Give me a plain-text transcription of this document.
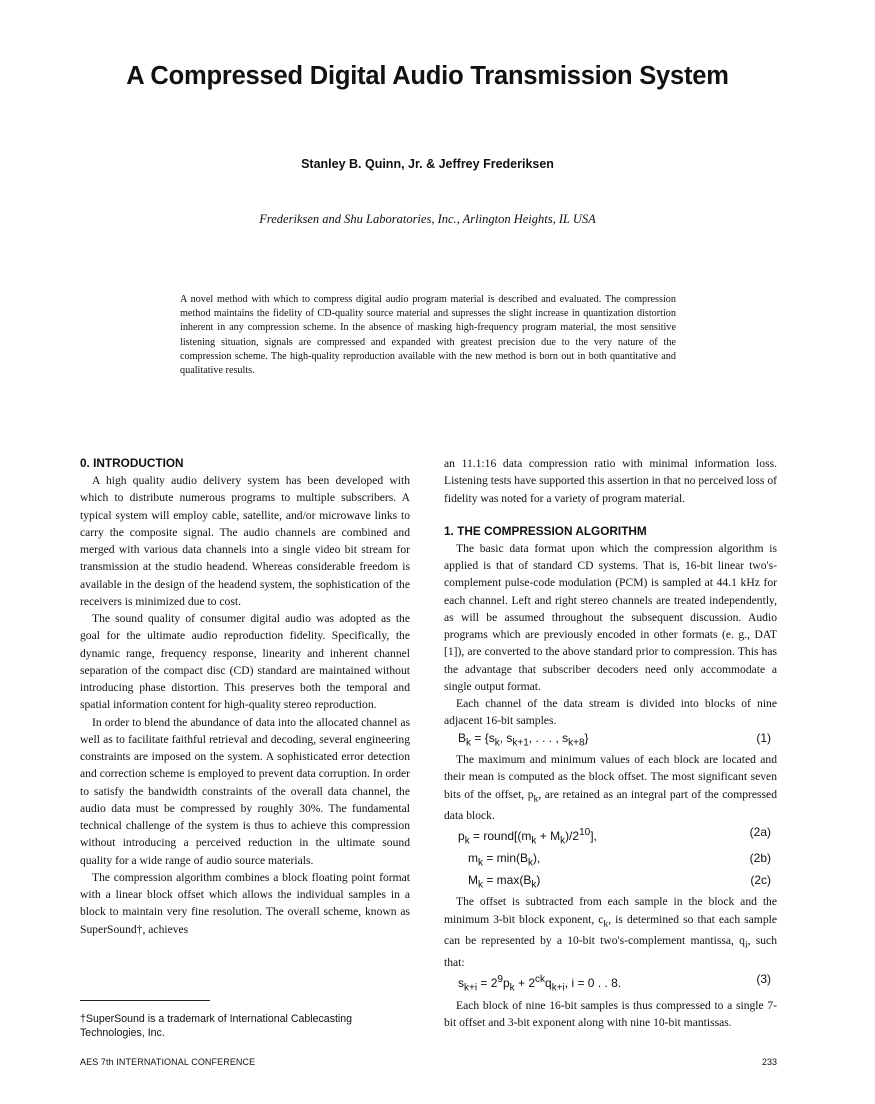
A Compressed Digital Audio Transmission System
Stanley B. Quinn, Jr. & Jeffrey Frederiksen
Frederiksen and Shu Laboratories, Inc., Arlington Heights, IL USA
A novel method with which to compress digital audio program material is described and evaluated. The compression method maintains the fidelity of CD-quality source material and supresses the slight increase in quantization distortion inherent in any compression scheme. In the absence of masking high-frequency program material, the most sensitive listening situation, signals are compressed and expanded with greatest precision due to the very nature of the compression scheme. The high-quality reproduction available with the new method is born out in both quantitative and qualitative results.
0. INTRODUCTION

A high quality audio delivery system has been developed with which to distribute numerous programs to multiple subscribers. A typical system will employ cable, satellite, and/or microwave links to carry the composite signal. The audio channels are combined and merged with various data channels into a single video bit stream for transmission at the studio headend. Whereas considerable freedom is available in the design of the headend system, the sophistication of the receivers is minimized due to cost.

The sound quality of consumer digital audio was adopted as the goal for the ultimate audio reproduction fidelity. Specifically, the dynamic range, frequency response, linearity and inherent channel separation of the compact disc (CD) standard are maintained without introducing phase distortion. This preserves both the temporal and spatial information content for high-quality stereo reproduction.

In order to blend the abundance of data into the allocated channel as well as to facilitate faithful retrieval and decoding, several engineering constraints are imposed on the system. A sophisticated error detection and correction scheme is employed to prevent data corruption. In order to satisfy the bandwidth constraints of the overall data channel, the audio data must be compressed by roughly 30%. The fundamental technical challenge of the system is thus to achieve this compression without introducing a perceived reduction in the ultimate sound quality for a wide range of audio source materials.

The compression algorithm combines a block floating point format with a linear block offset which allows the individual samples in a block to maintain very fine resolution. The overall scheme, known as SuperSound†, achieves

an 11.1:16 data compression ratio with minimal information loss. Listening tests have supported this assertion in that no perceived loss of fidelity was noted for a variety of program material.

1. THE COMPRESSION ALGORITHM

The basic data format upon which the compression algorithm is applied is that of standard CD systems. That is, 16-bit linear two's-complement pulse-code modulation (PCM) is sampled at 44.1 kHz for each channel. Left and right stereo channels are treated independently, as will be assumed throughout the subsequent discussion. Audio programs which are previously encoded in other formats (e. g., DAT [1]), are converted to the above standard prior to compression. This has the advantage that subscriber decoders need only accommodate a single output format.

Each channel of the data stream is divided into blocks of nine adjacent 16-bit samples.

$B_k = \{s_k$, $s_{k+1}$, . . . , $s_{k+8}$}	(1)

The maximum and minimum values of each block are located and their mean is computed as the block offset. The most significant seven bits of the offset, $p_k$, are retained as an integral part of the compressed data block.

$p_k$ = $round[(m_k + M_k)/2^{10}]$,	(2a)
$m_k = \min(B_k)$,	(2b)
$M_k = \max(B_k)$	(2c)

The offset is subtracted from each sample in the block and the minimum 3-bit block exponent, $c_k$, is determined so that each sample can be represented by a 10-bit two's-complement mantissa, $q_i$, such that:

$s_{k+i} = 2^9p_k + 2^{ck}q_{k+i}$, i = 0 . . 8.	(3)

Each block of nine 16-bit samples is thus compressed to a single 7-bit offset and 3-bit exponent along with nine 10-bit mantissas.

†SuperSound is a trademark of International Cablecasting Technologies, Inc.
AES 7th INTERNATIONAL CONFERENCE	233
